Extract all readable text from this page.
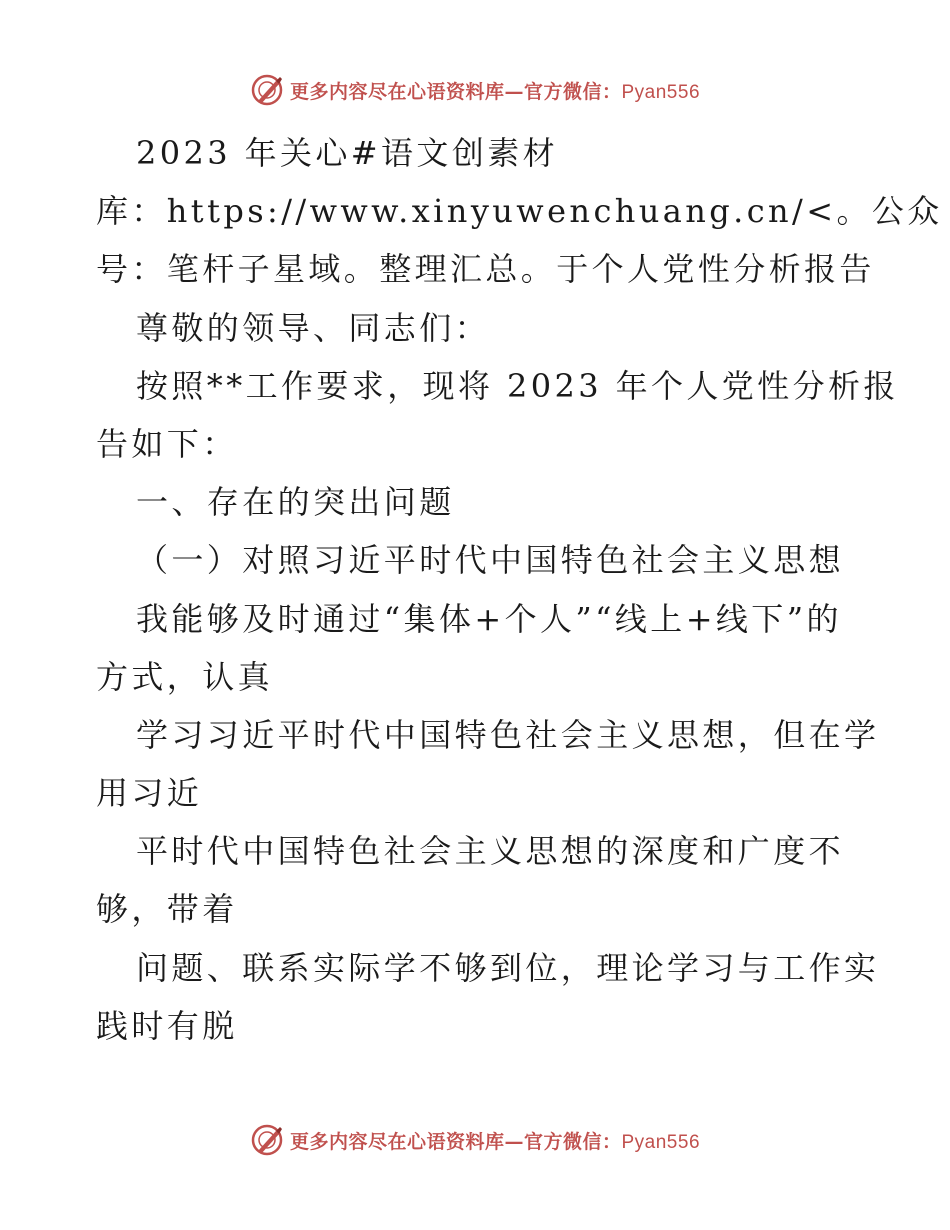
更多内容尽在心语资料库—官方微信：Pyan556
2023 年关心#语文创素材
库：https://www.xinyuwenchuang.cn/<。公众
号：笔杆子星域。整理汇总。于个人党性分析报告
尊敬的领导、同志们：
按照**工作要求，现将 2023 年个人党性分析报
告如下：
一、存在的突出问题
（一）对照习近平时代中国特色社会主义思想
我能够及时通过“集体+个人”“线上+线下”的
方式，认真
学习习近平时代中国特色社会主义思想，但在学
用习近
平时代中国特色社会主义思想的深度和广度不
够，带着
问题、联系实际学不够到位，理论学习与工作实
践时有脱
更多内容尽在心语资料库—官方微信：Pyan556
